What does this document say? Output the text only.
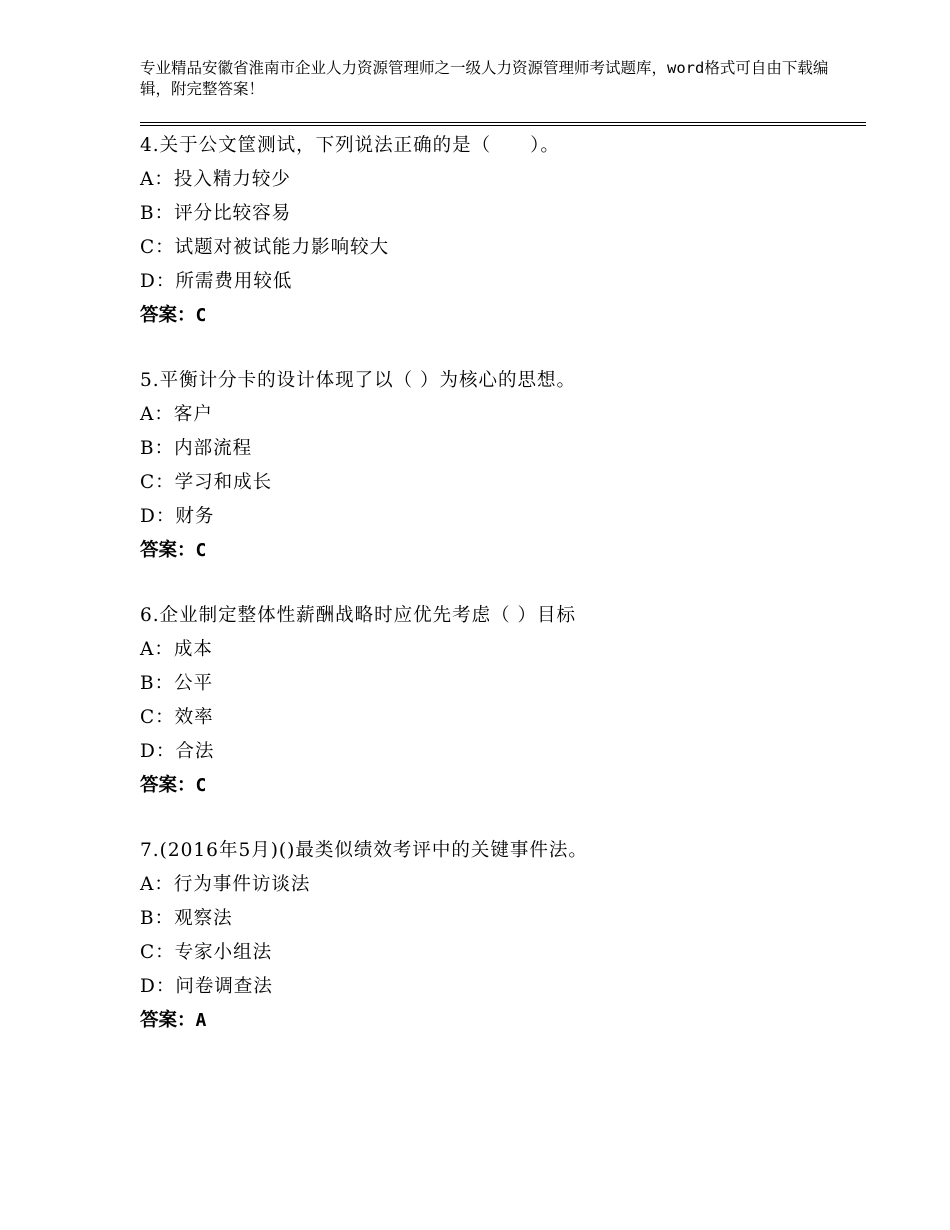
专业精品安徽省淮南市企业人力资源管理师之一级人力资源管理师考试题库，word格式可自由下载编辑，附完整答案！
4.关于公文筐测试，下列说法正确的是（　　）。
A：投入精力较少
B：评分比较容易
C：试题对被试能力影响较大
D：所需费用较低
答案：C
5.平衡计分卡的设计体现了以（ ）为核心的思想。
A：客户
B：内部流程
C：学习和成长
D：财务
答案：C
6.企业制定整体性薪酬战略时应优先考虑（ ）目标
A：成本
B：公平
C：效率
D：合法
答案：C
7.(2016年5月)()最类似绩效考评中的关键事件法。
A：行为事件访谈法
B：观察法
C：专家小组法
D：问卷调查法
答案：A
